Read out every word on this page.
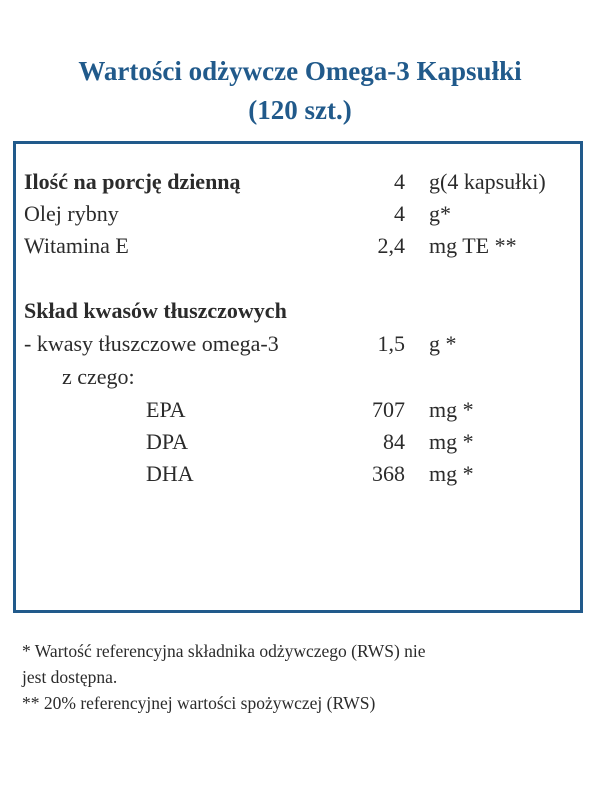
Wartości odżywcze Omega-3 Kapsułki
(120 szt.)
Ilość na porcję dzienną	4 g(4 kapsułki)
Olej rybny	4 g*
Witamina E	2,4 mg TE **
Skład kwasów tłuszczowych
- kwasy tłuszczowe omega-3	1,5 g *
z czego:
EPA	707 mg *
DPA	84 mg *
DHA	368 mg *
* Wartość referencyjna składnika odżywczego (RWS) nie
jest dostępna.
** 20% referencyjnej wartości spożywczej (RWS)
